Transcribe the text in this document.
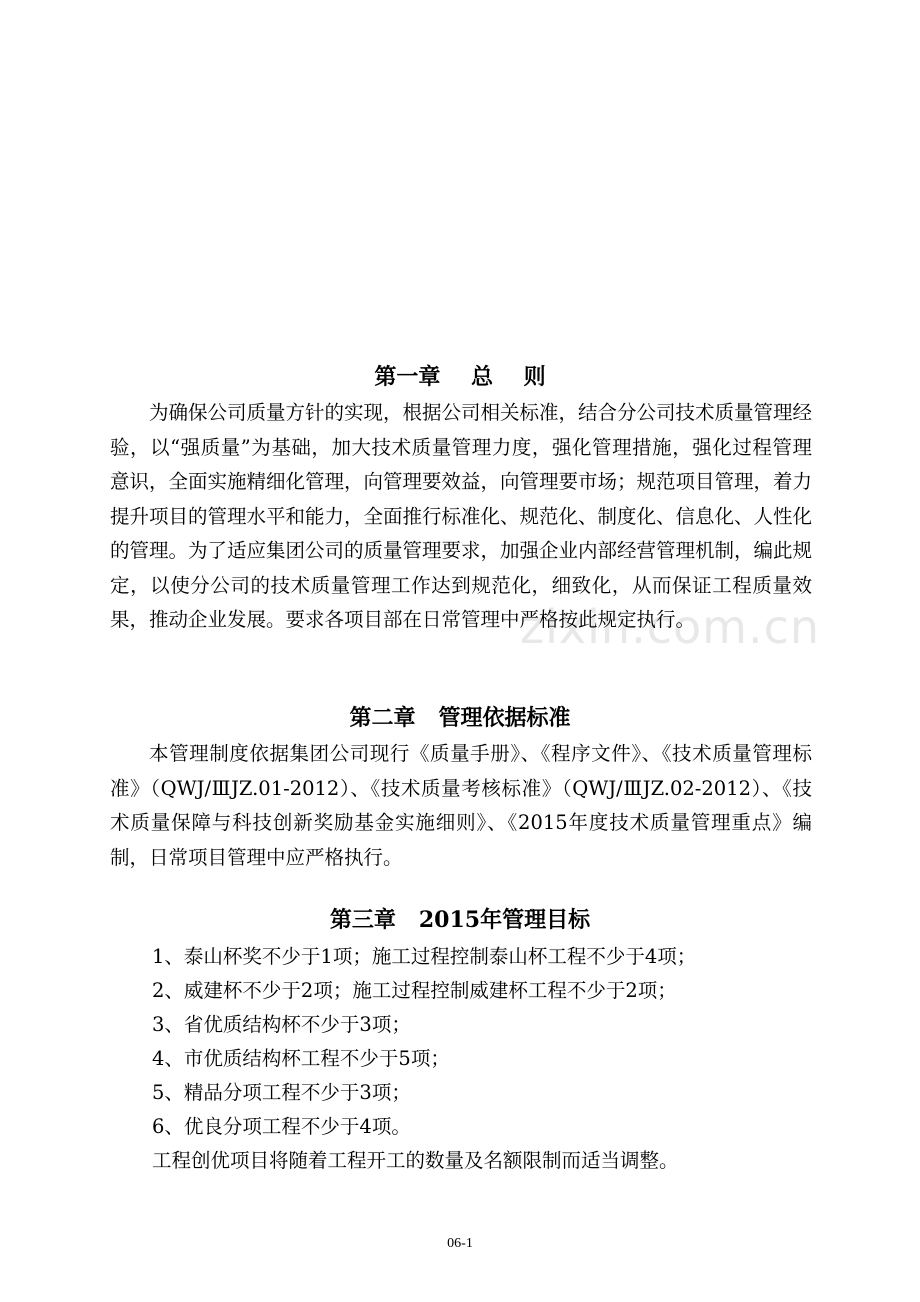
zixin.com.cn
第一章    总    则
为确保公司质量方针的实现，根据公司相关标准，结合分公司技术质量管理经验，以“强质量”为基础，加大技术质量管理力度，强化管理措施，强化过程管理意识，全面实施精细化管理，向管理要效益，向管理要市场；规范项目管理，着力提升项目的管理水平和能力，全面推行标准化、规范化、制度化、信息化、人性化的管理。为了适应集团公司的质量管理要求，加强企业内部经营管理机制，编此规定，以使分公司的技术质量管理工作达到规范化，细致化，从而保证工程质量效果，推动企业发展。要求各项目部在日常管理中严格按此规定执行。
第二章   管理依据标准
本管理制度依据集团公司现行《质量手册》、《程序文件》、《技术质量管理标准》（QWJ/ⅢJZ.01-2012）、《技术质量考核标准》（QWJ/ⅢJZ.02-2012）、《技术质量保障与科技创新奖励基金实施细则》、《2015年度技术质量管理重点》编制，日常项目管理中应严格执行。
第三章   2015年管理目标
1、泰山杯奖不少于1项；施工过程控制泰山杯工程不少于4项；
2、威建杯不少于2项；施工过程控制威建杯工程不少于2项；
3、省优质结构杯不少于3项；
4、市优质结构杯工程不少于5项；
5、精品分项工程不少于3项；
6、优良分项工程不少于4项。
工程创优项目将随着工程开工的数量及名额限制而适当调整。
06-1
